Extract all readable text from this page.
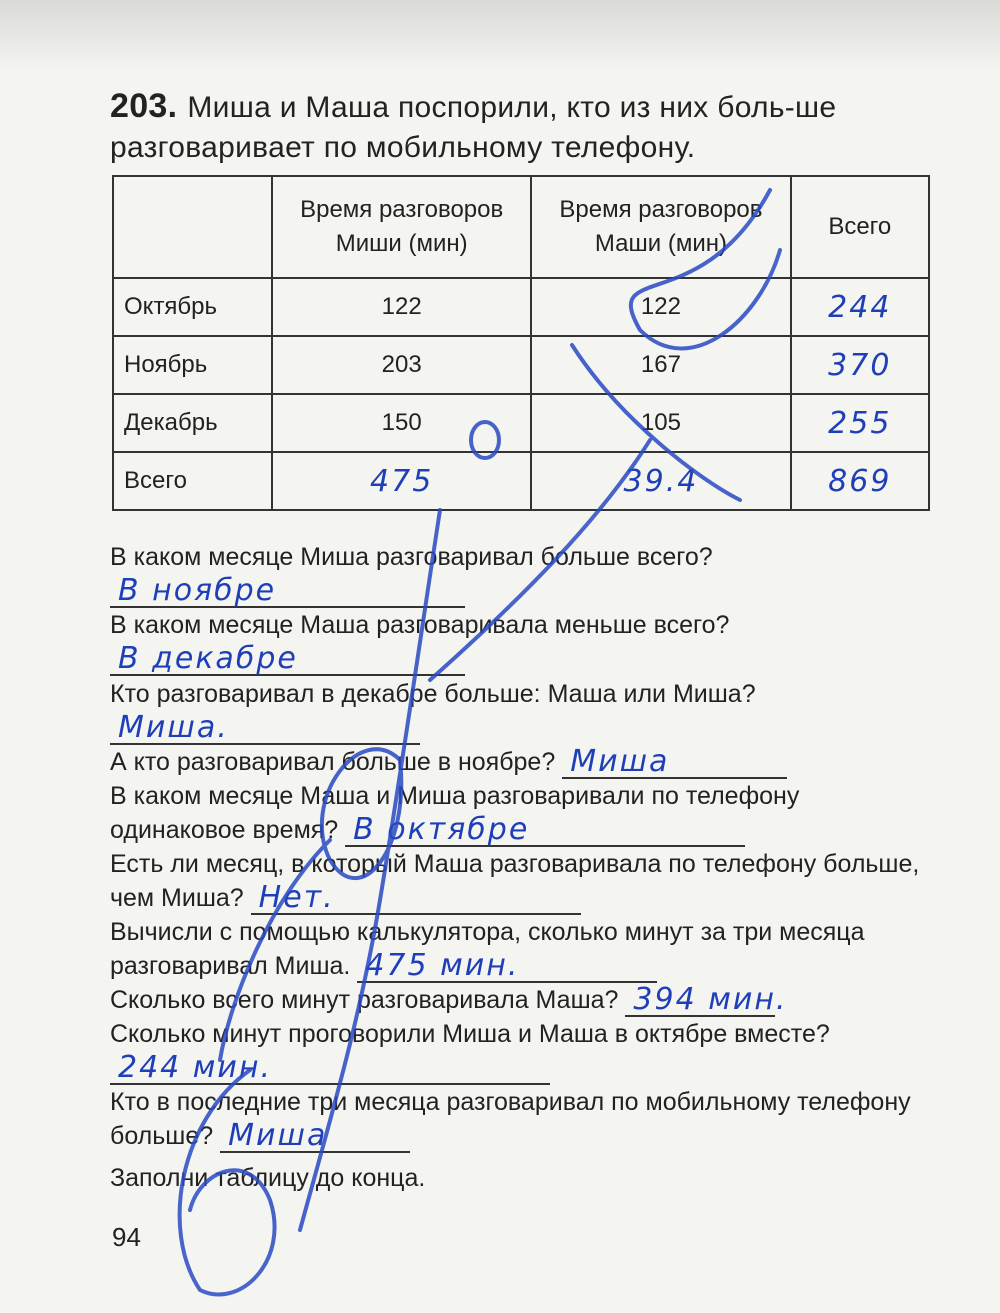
203. Миша и Маша поспорили, кто из них боль-ше разговаривает по мобильному телефону.
	Время разговоров Миши (мин)	Время разговоров Маши (мин)	Всего
Октябрь	122	122	244
Ноябрь	203	167	370
Декабрь	150	105	255
Всего	475	39.4	869
В каком месяце Миша разговаривал больше всего?
В ноябре
В каком месяце Маша разговаривала меньше всего?
В декабре
Кто разговаривал в декабре больше: Маша или Миша?
Миша.
А кто разговаривал больше в ноябре? Миша
В каком месяце Маша и Миша разговаривали по телефону одинаковое время? В октябре
Есть ли месяц, в который Маша разговаривала по телефону больше, чем Миша? Нет.
Вычисли с помощью калькулятора, сколько минут за три месяца разговаривал Миша. 475 мин.
Сколько всего минут разговаривала Маша? 394 мин.
Сколько минут проговорили Миша и Маша в октябре вместе?
244 мин.
Кто в последние три месяца разговаривал по мобильному телефону больше? Миша
Заполни таблицу до конца.
94
